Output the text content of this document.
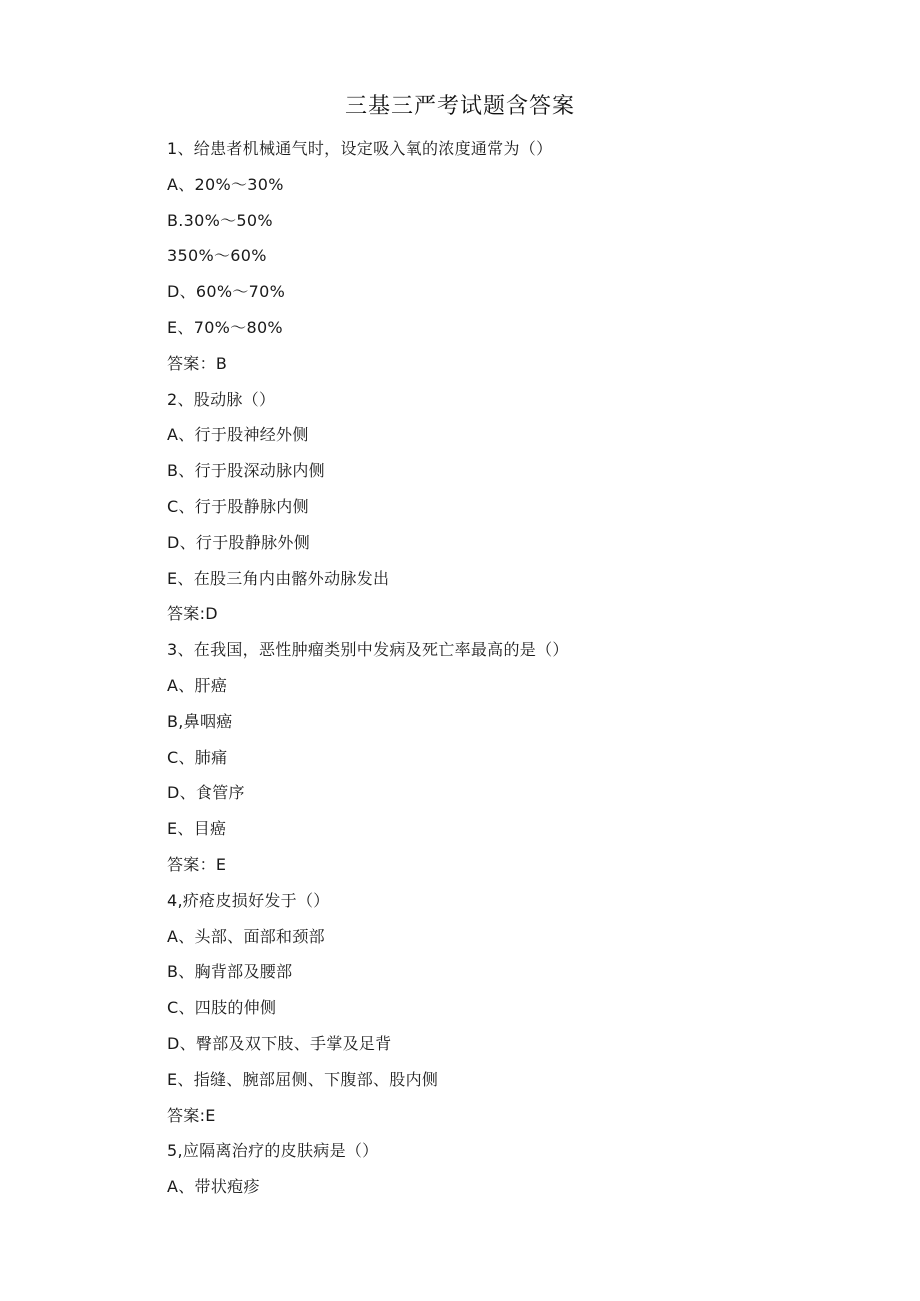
三基三严考试题含答案
1、给患者机械通气时，设定吸入氧的浓度通常为（）
A、20%〜30%
B.30%〜50%
350%〜60%
D、60%〜70%
E、70%〜80%
答案：B
2、股动脉（）
A、行于股神经外侧
B、行于股深动脉内侧
C、行于股静脉内侧
D、行于股静脉外侧
E、在股三角内由髂外动脉发出
答案:D
3、在我国，恶性肿瘤类别中发病及死亡率最高的是（）
A、肝癌
B,鼻咽癌
C、肺痛
D、食管序
E、目癌
答案：E
4,疥疮皮损好发于（）
A、头部、面部和颈部
B、胸背部及腰部
C、四肢的伸侧
D、臀部及双下肢、手掌及足背
E、指缝、腕部屈侧、下腹部、股内侧
答案:E
5,应隔离治疗的皮肤病是（）
A、带状疱疹
